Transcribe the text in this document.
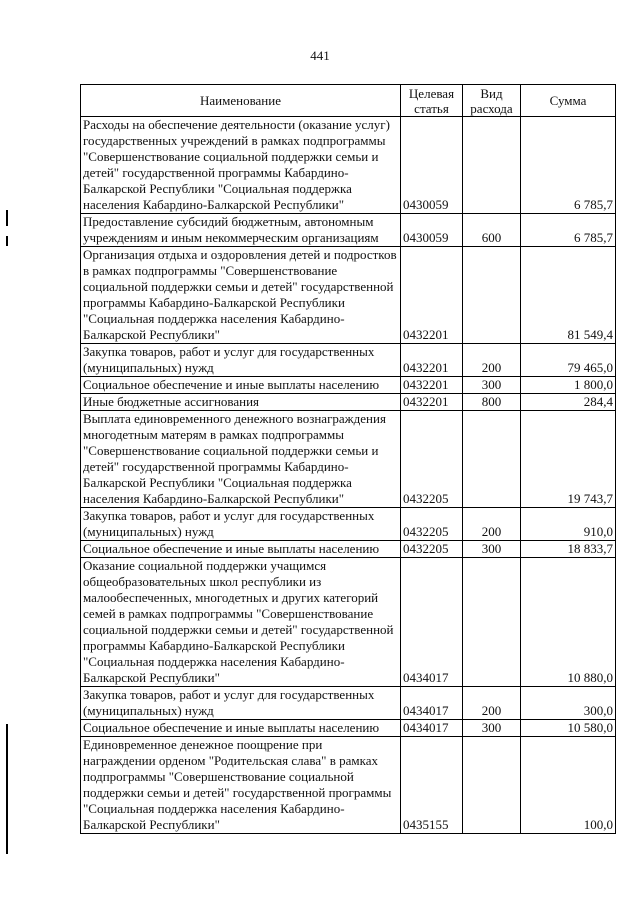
441
Наименование	Целевая статья	Вид расхода	Сумма
Расходы на обеспечение деятельности (оказание услуг) государственных учреждений в рамках подпрограммы "Совершенствование социальной поддержки семьи и детей" государственной программы Кабардино-Балкарской Республики "Социальная поддержка населения Кабардино-Балкарской Республики"	0430059		6 785,7
Предоставление субсидий бюджетным, автономным учреждениям и иным некоммерческим организациям	0430059	600	6 785,7
Организация отдыха и оздоровления детей и подростков в рамках подпрограммы "Совершенствование социальной поддержки семьи и детей" государственной программы Кабардино-Балкарской Республики "Социальная поддержка населения Кабардино-Балкарской Республики"	0432201		81 549,4
Закупка товаров, работ и услуг для государственных (муниципальных) нужд	0432201	200	79 465,0
Социальное обеспечение и иные выплаты населению	0432201	300	1 800,0
Иные бюджетные ассигнования	0432201	800	284,4
Выплата единовременного денежного вознаграждения многодетным матерям в рамках подпрограммы "Совершенствование социальной поддержки семьи и детей" государственной программы Кабардино-Балкарской Республики "Социальная поддержка населения Кабардино-Балкарской Республики"	0432205		19 743,7
Закупка товаров, работ и услуг для государственных (муниципальных) нужд	0432205	200	910,0
Социальное обеспечение и иные выплаты населению	0432205	300	18 833,7
Оказание социальной поддержки учащимся общеобразовательных школ республики из малообеспеченных, многодетных и других категорий семей в рамках подпрограммы "Совершенствование социальной поддержки семьи и детей" государственной программы Кабардино-Балкарской Республики "Социальная поддержка населения Кабардино-Балкарской Республики"	0434017		10 880,0
Закупка товаров, работ и услуг для государственных (муниципальных) нужд	0434017	200	300,0
Социальное обеспечение и иные выплаты населению	0434017	300	10 580,0
Единовременное денежное поощрение при награждении орденом "Родительская слава" в рамках подпрограммы "Совершенствование социальной поддержки семьи и детей" государственной программы "Социальная поддержка населения Кабардино-Балкарской Республики"	0435155		100,0
